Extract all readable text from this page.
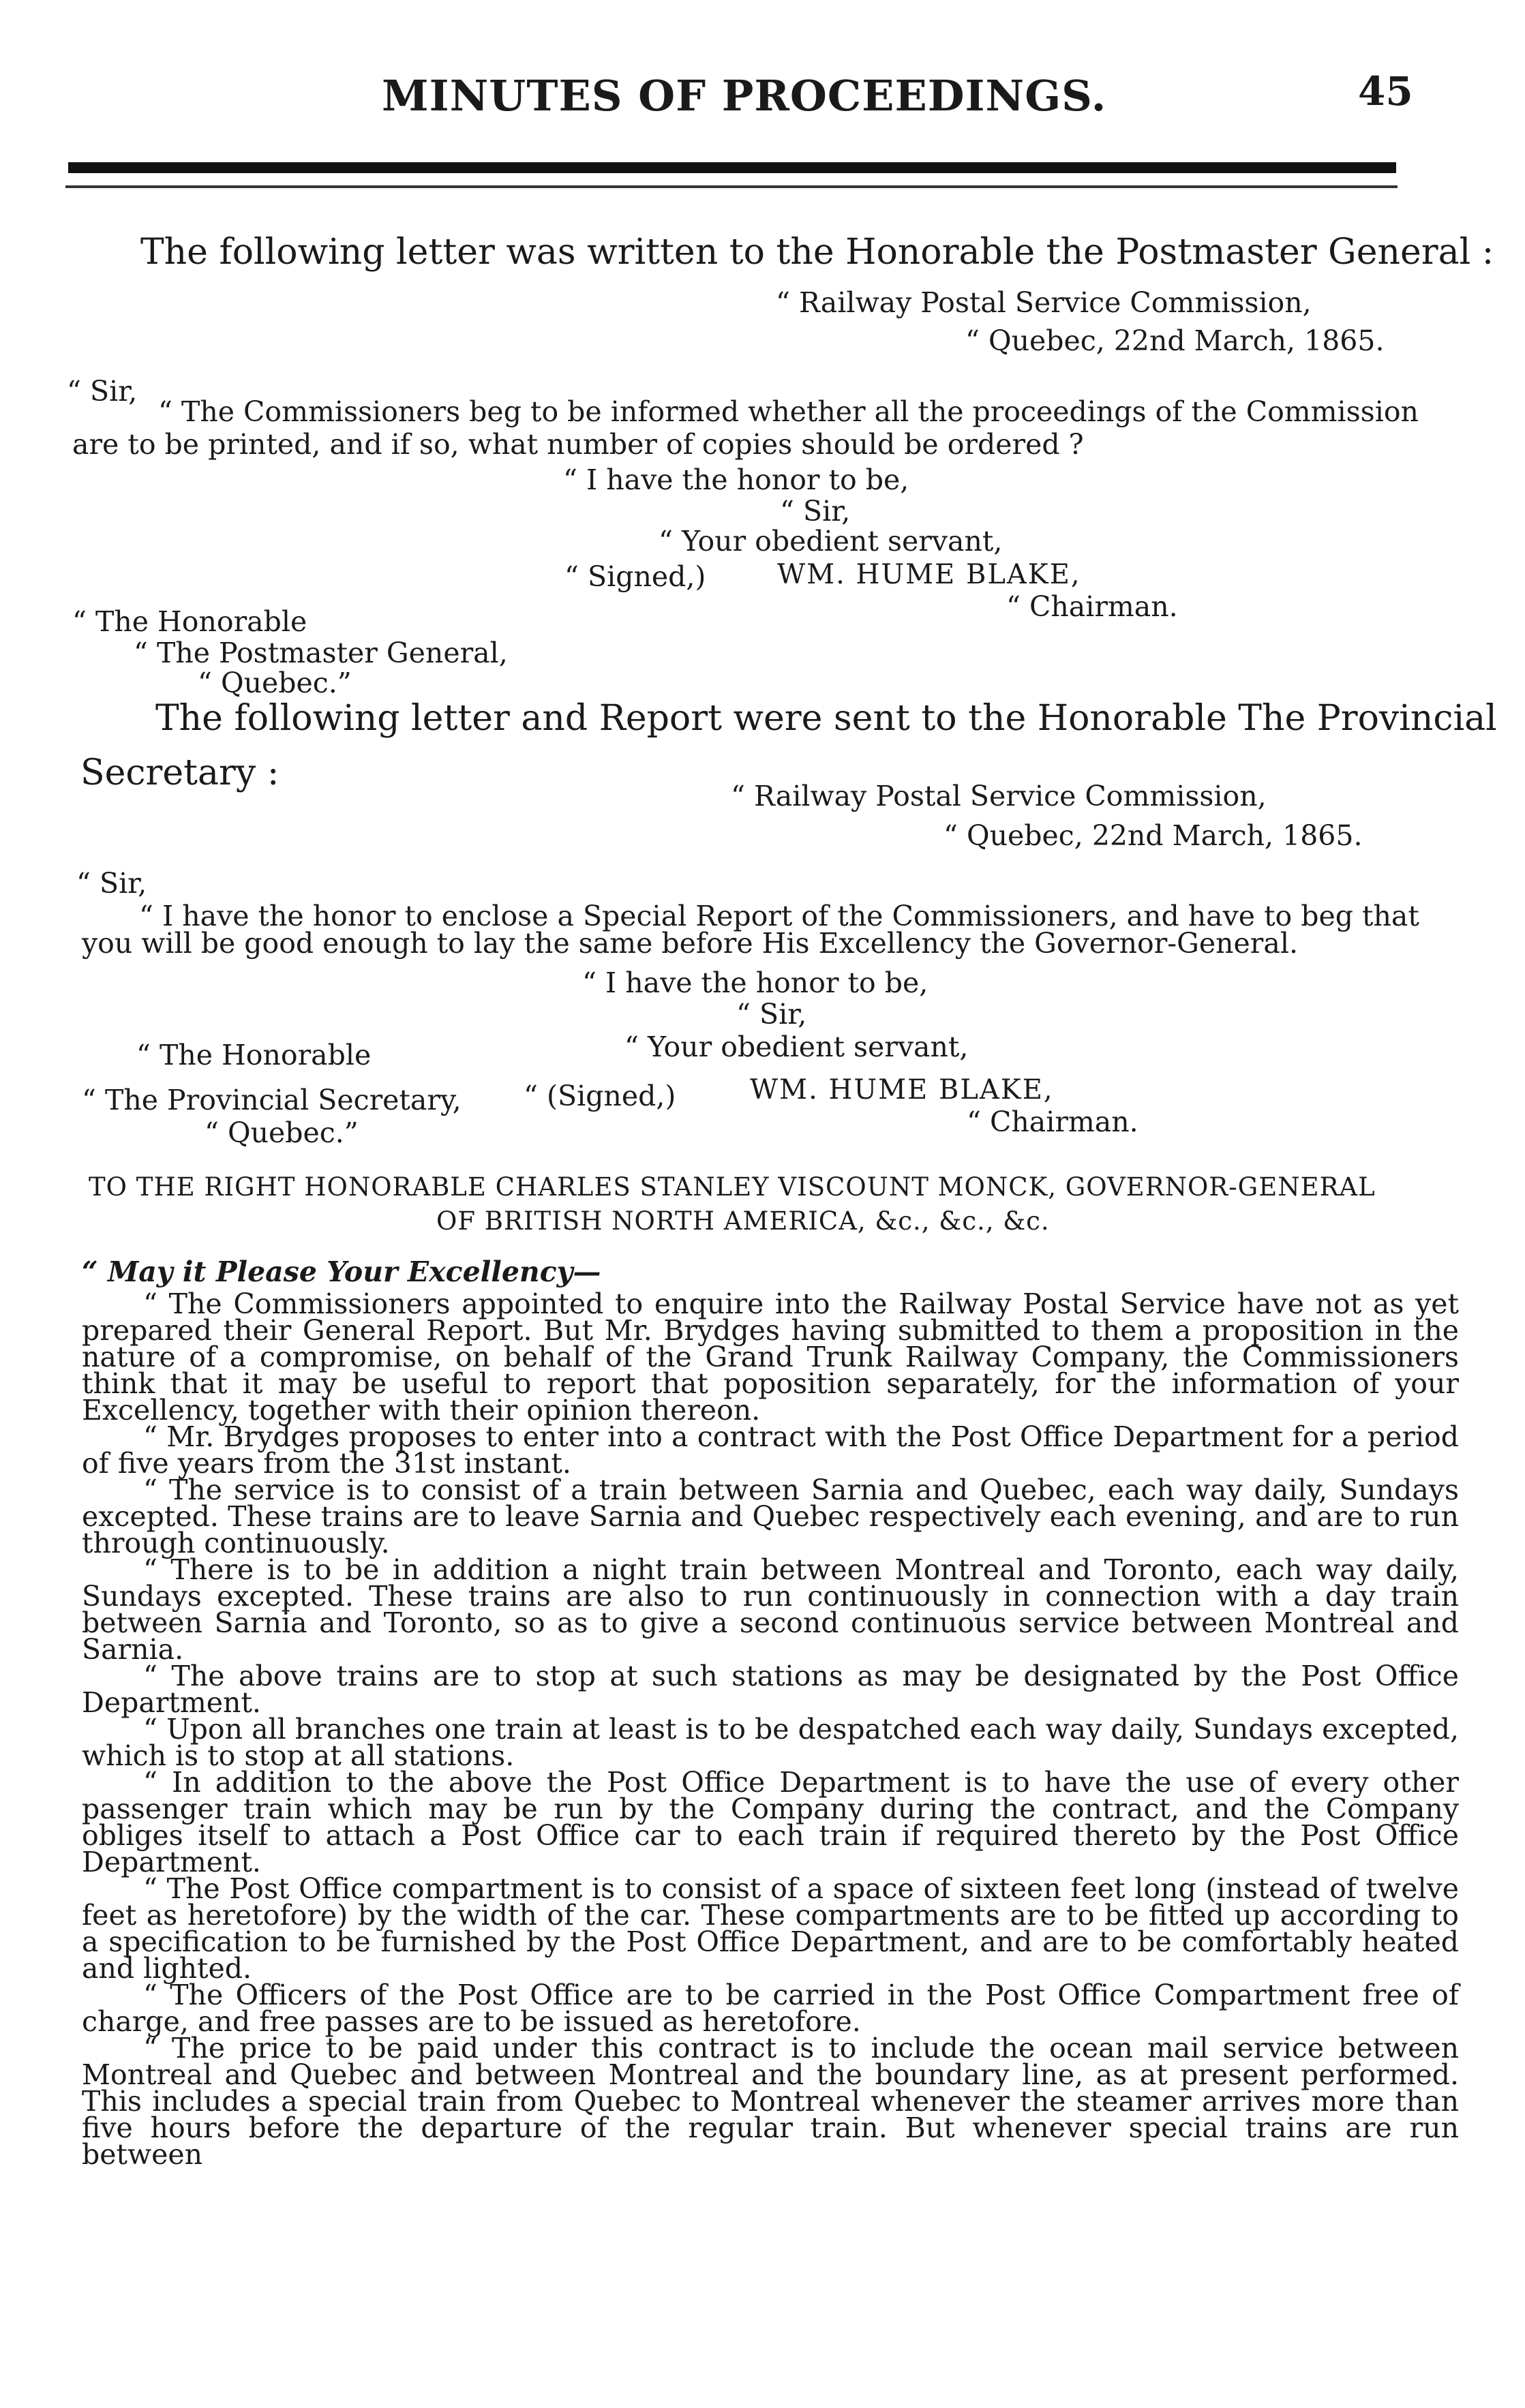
MINUTES OF PROCEEDINGS.	45
The following letter was written to the Honorable the Postmaster General :
“ Railway Postal Service Commission,
“ Quebec, 22nd March, 1865.
“ Sir,
“ The Commissioners beg to be informed whether all the proceedings of the Commission
are to be printed, and if so, what number of copies should be ordered ?
“ I have the honor to be,
“ Sir,
“ Your obedient servant,
“ Signed,)	WM. HUME BLAKE,
“ Chairman.
“ The Honorable
“ The Postmaster General,
“ Quebec.”
The following letter and Report were sent to the Honorable The Provincial
Secretary :
“ Railway Postal Service Commission,
“ Quebec, 22nd March, 1865.
“ Sir,
“ I have the honor to enclose a Special Report of the Commissioners, and have to beg that
you will be good enough to lay the same before His Excellency the Governor-General.
“ I have the honor to be,
“ Sir,
“ The Honorable	“ Your obedient servant,
“ The Provincial Secretary, “ (Signed,)	WM. HUME BLAKE,
“ Quebec.”	“ Chairman.
TO THE RIGHT HONORABLE CHARLES STANLEY VISCOUNT MONCK, GOVERNOR-GENERAL
OF BRITISH NORTH AMERICA, &c., &c., &c.
“ May it Please Your Excellency—

“ The Commissioners appointed to enquire into the Railway Postal Service have not as yet prepared their General Report. But Mr. Brydges having submitted to them a proposition in the nature of a compromise, on behalf of the Grand Trunk Railway Company, the Commissioners think that it may be useful to report that poposition separately, for the information of your Excellency, together with their opinion thereon.

“ Mr. Brydges proposes to enter into a contract with the Post Office Department for a period of five years from the 31st instant.

“ The service is to consist of a train between Sarnia and Quebec, each way daily, Sundays excepted. These trains are to leave Sarnia and Quebec respectively each evening, and are to run through continuously.

“ There is to be in addition a night train between Montreal and Toronto, each way daily, Sundays excepted. These trains are also to run continuously in connection with a day train between Sarnia and Toronto, so as to give a second continuous service between Montreal and Sarnia.

“ The above trains are to stop at such stations as may be designated by the Post Office Department.

“ Upon all branches one train at least is to be despatched each way daily, Sundays excepted, which is to stop at all stations.

“ In addition to the above the Post Office Department is to have the use of every other passenger train which may be run by the Company during the contract, and the Company obliges itself to attach a Post Office car to each train if required thereto by the Post Office Department.

“ The Post Office compartment is to consist of a space of sixteen feet long (instead of twelve feet as heretofore) by the width of the car. These compartments are to be fitted up according to a specification to be furnished by the Post Office Department, and are to be comfortably heated and lighted.

“ The Officers of the Post Office are to be carried in the Post Office Compartment free of charge, and free passes are to be issued as heretofore.

“ The price to be paid under this contract is to include the ocean mail service between Montreal and Quebec and between Montreal and the boundary line, as at present performed. This includes a special train from Quebec to Montreal whenever the steamer arrives more than five hours before the departure of the regular train. But whenever special trains are run between
